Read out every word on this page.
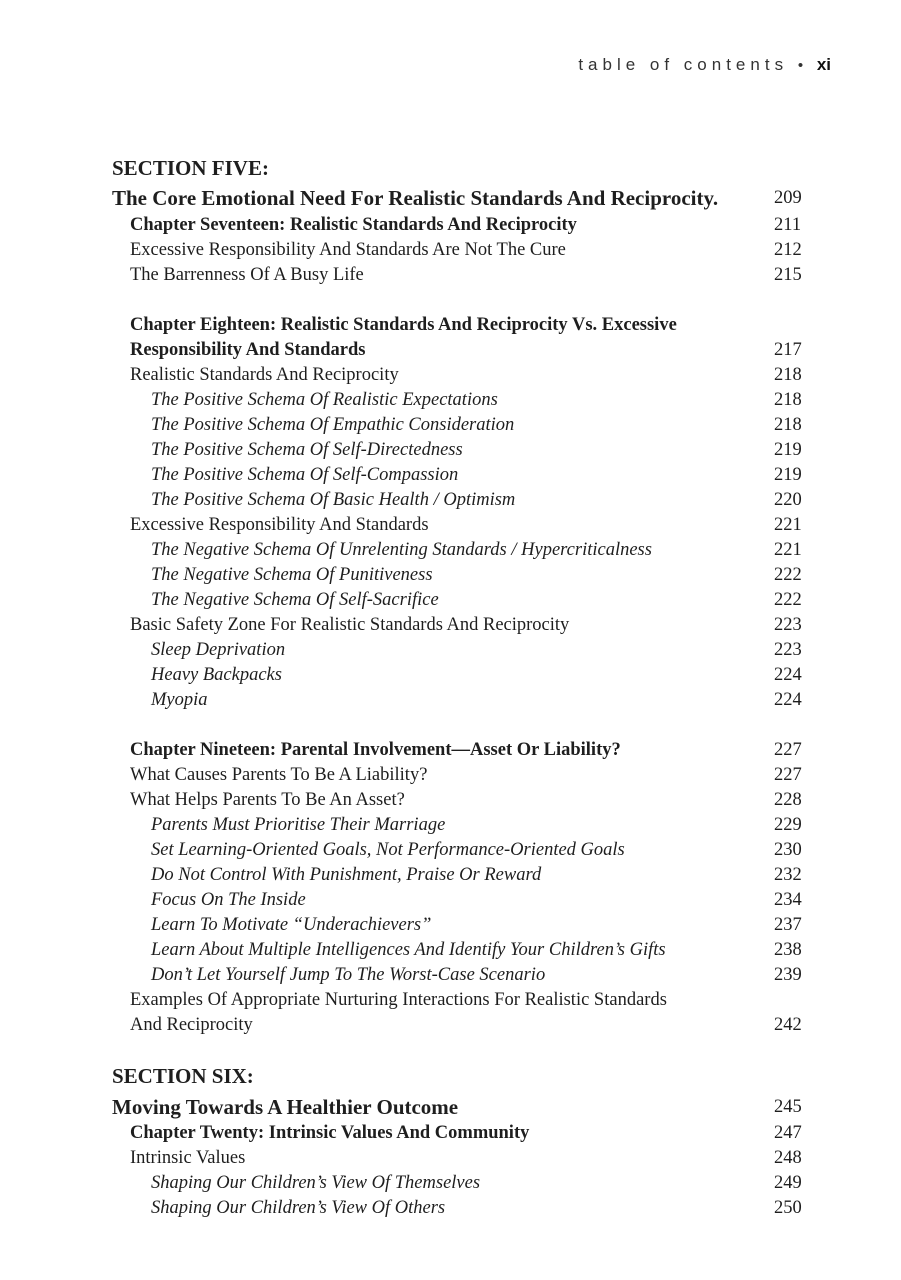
table of contents • xi
SECTION FIVE:
The Core Emotional Need For Realistic Standards And Reciprocity.	209
Chapter Seventeen: Realistic Standards And Reciprocity	211
Excessive Responsibility And Standards Are Not The Cure	212
The Barrenness Of A Busy Life	215
Chapter Eighteen: Realistic Standards And Reciprocity Vs. Excessive
Responsibility And Standards	217
Realistic Standards And Reciprocity	218
The Positive Schema Of Realistic Expectations	218
The Positive Schema Of Empathic Consideration	218
The Positive Schema Of Self-Directedness	219
The Positive Schema Of Self-Compassion	219
The Positive Schema Of Basic Health / Optimism	220
Excessive Responsibility And Standards	221
The Negative Schema Of Unrelenting Standards / Hypercriticalness	221
The Negative Schema Of Punitiveness	222
The Negative Schema Of Self-Sacrifice	222
Basic Safety Zone For Realistic Standards And Reciprocity	223
Sleep Deprivation	223
Heavy Backpacks	224
Myopia	224
Chapter Nineteen: Parental Involvement—Asset Or Liability?	227
What Causes Parents To Be A Liability?	227
What Helps Parents To Be An Asset?	228
Parents Must Prioritise Their Marriage	229
Set Learning-Oriented Goals, Not Performance-Oriented Goals	230
Do Not Control With Punishment, Praise Or Reward	232
Focus On The Inside	234
Learn To Motivate “Underachievers”	237
Learn About Multiple Intelligences And Identify Your Children’s Gifts	238
Don’t Let Yourself Jump To The Worst-Case Scenario	239
Examples Of Appropriate Nurturing Interactions For Realistic Standards
And Reciprocity	242
SECTION SIX:
Moving Towards A Healthier Outcome	245
Chapter Twenty: Intrinsic Values And Community	247
Intrinsic Values	248
Shaping Our Children’s View Of Themselves	249
Shaping Our Children’s View Of Others	250
